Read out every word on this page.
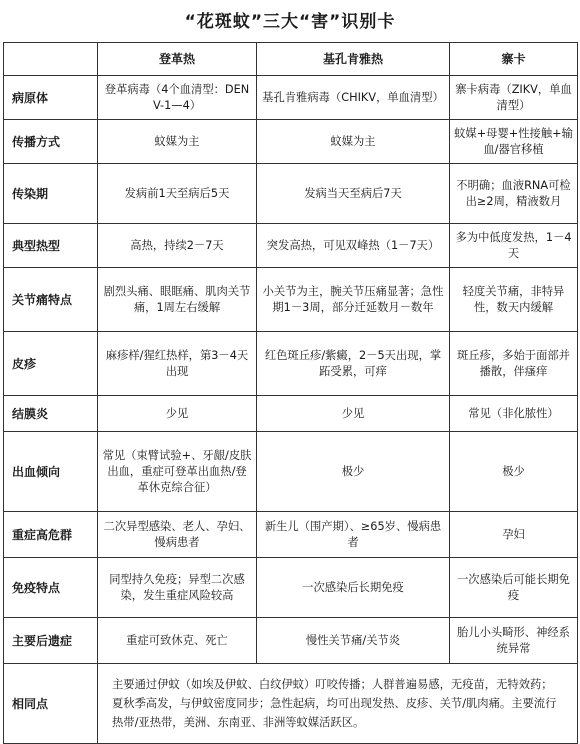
“花斑蚊”三大“害”识别卡
	登革热	基孔肯雅热	寨卡
病原体	登革病毒（4个血清型：DENV-1—4）	基孔肯雅病毒（CHIKV，单血清型）	寨卡病毒（ZIKV，单血清型）
传播方式	蚊媒为主	蚊媒为主	蚊媒+母婴+性接触+输血/器官移植
传染期	发病前1天至病后5天	发病当天至病后7天	不明确；血液RNA可检出≥2周，精液数月
典型热型	高热，持续2－7天	突发高热，可见双峰热（1－7天）	多为中低度发热，1－4天
关节痛特点	剧烈头痛、眼眶痛、肌肉关节痛，1周左右缓解	小关节为主，腕关节压痛显著；急性期1－3周，部分迁延数月－数年	轻度关节痛，非特异性，数天内缓解
皮疹	麻疹样/猩红热样，第3－4天出现	红色斑丘疹/紫癜，2－5天出现，掌跖受累，可痒	斑丘疹，多始于面部并播散，伴瘙痒
结膜炎	少见	少见	常见（非化脓性）
出血倾向	常见（束臂试验+、牙龈/皮肤出血，重症可登革出血热/登革休克综合征）	极少	极少
重症高危群	二次异型感染、老人、孕妇、慢病患者	新生儿（围产期）、≥65岁、慢病患者	孕妇
免疫特点	同型持久免疫；异型二次感染，发生重症风险较高	一次感染后长期免疫	一次感染后可能长期免疫
主要后遗症	重症可致休克、死亡	慢性关节痛/关节炎	胎儿小头畸形、神经系统异常
相同点	主要通过伊蚊（如埃及伊蚊、白纹伊蚊）叮咬传播；人群普遍易感，无疫苗，无特效药；夏秋季高发，与伊蚊密度同步；急性起病，均可出现发热、皮疹、关节/肌肉痛。主要流行热带/亚热带，美洲、东南亚、非洲等蚊媒活跃区。		
